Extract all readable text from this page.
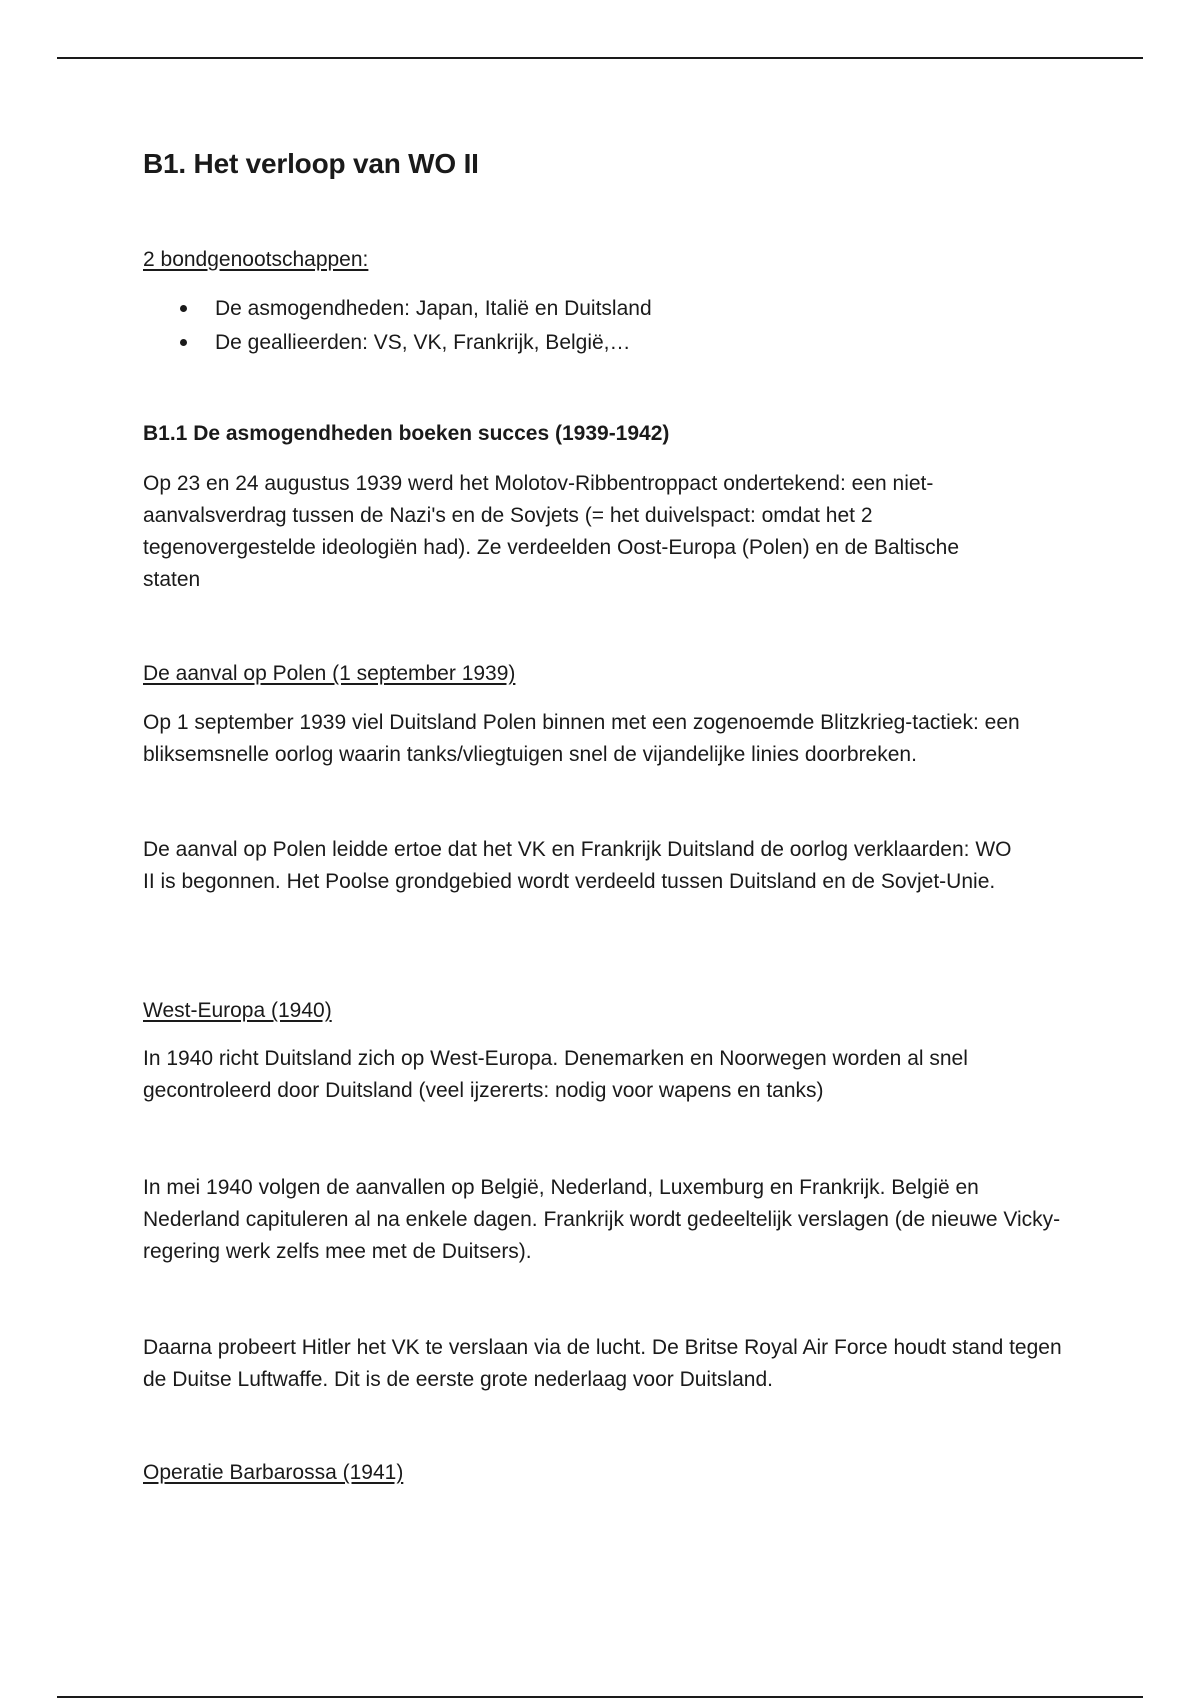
B1. Het verloop van WO II
2 bondgenootschappen:
De asmogendheden: Japan, Italië en Duitsland
De geallieerden: VS, VK, Frankrijk, België,…
B1.1 De asmogendheden boeken succes (1939-1942)
Op 23 en 24 augustus 1939 werd het Molotov-Ribbentroppact ondertekend: een niet-aanvalsverdrag tussen de Nazi's en de Sovjets (= het duivelspact: omdat het 2 tegenovergestelde ideologiën had). Ze verdeelden Oost-Europa (Polen) en de Baltische staten
De aanval op Polen (1 september 1939)
Op 1 september 1939 viel Duitsland Polen binnen met een zogenoemde Blitzkrieg-tactiek: een bliksemsnelle oorlog waarin tanks/vliegtuigen snel de vijandelijke linies doorbreken.
De aanval op Polen leidde ertoe dat het VK en Frankrijk Duitsland de oorlog verklaarden: WO II is begonnen. Het Poolse grondgebied wordt verdeeld tussen Duitsland en de Sovjet-Unie.
West-Europa (1940)
In 1940 richt Duitsland zich op West-Europa. Denemarken en Noorwegen worden al snel gecontroleerd door Duitsland (veel ijzererts: nodig voor wapens en tanks)
In mei 1940 volgen de aanvallen op België, Nederland, Luxemburg en Frankrijk. België en Nederland capituleren al na enkele dagen. Frankrijk wordt gedeeltelijk verslagen (de nieuwe Vicky-regering werk zelfs mee met de Duitsers).
Daarna probeert Hitler het VK te verslaan via de lucht. De Britse Royal Air Force houdt stand tegen de Duitse Luftwaffe. Dit is de eerste grote nederlaag voor Duitsland.
Operatie Barbarossa (1941)
